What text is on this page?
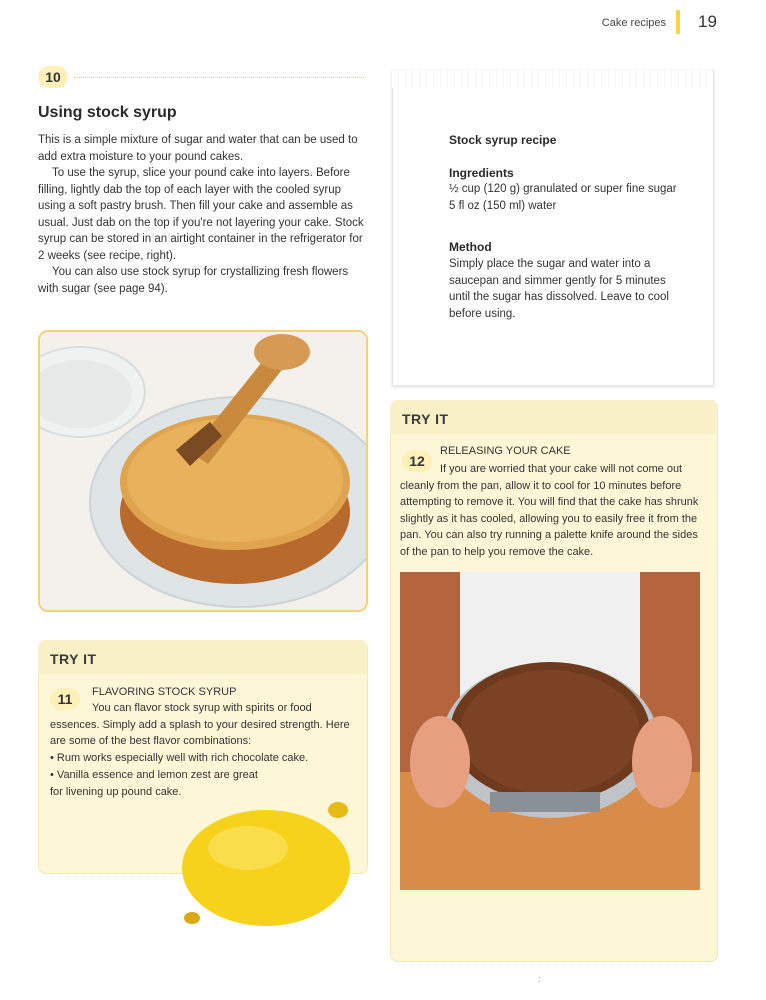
Cake recipes 19
10
Using stock syrup

This is a simple mixture of sugar and water that can be used to add extra moisture to your pound cakes.

To use the syrup, slice your pound cake into layers. Before filling, lightly dab the top of each layer with the cooled syrup using a soft pastry brush. Then fill your cake and assemble as usual. Just dab on the top if you're not layering your cake. Stock syrup can be stored in an airtight container in the refrigerator for 2 weeks (see recipe, right).

You can also use stock syrup for crystallizing fresh flowers with sugar (see page 94).

Stock syrup recipe
Ingredients
½ cup (120 g) granulated or super fine sugar
5 fl oz (150 ml) water
Method
Simply place the sugar and water into a saucepan and simmer gently for 5 minutes until the sugar has dissolved. Leave to cool before using.
TRY IT
11	FLAVORING STOCK SYRUP
You can flavor stock syrup with spirits or food essences. Simply add a splash to your desired strength. Here are some of the best flavor combinations:
• Rum works especially well with rich chocolate cake.
• Vanilla essence and lemon zest are great for livening up pound cake.
TRY IT
12
RELEASING YOUR CAKE
If you are worried that your cake will not come out cleanly from the pan, allow it to cool for 10 minutes before attempting to remove it. You will find that the cake has shrunk slightly as it has cooled, allowing you to easily free it from the pan. You can also try running a palette knife around the sides of the pan to help you remove the cake.
:
